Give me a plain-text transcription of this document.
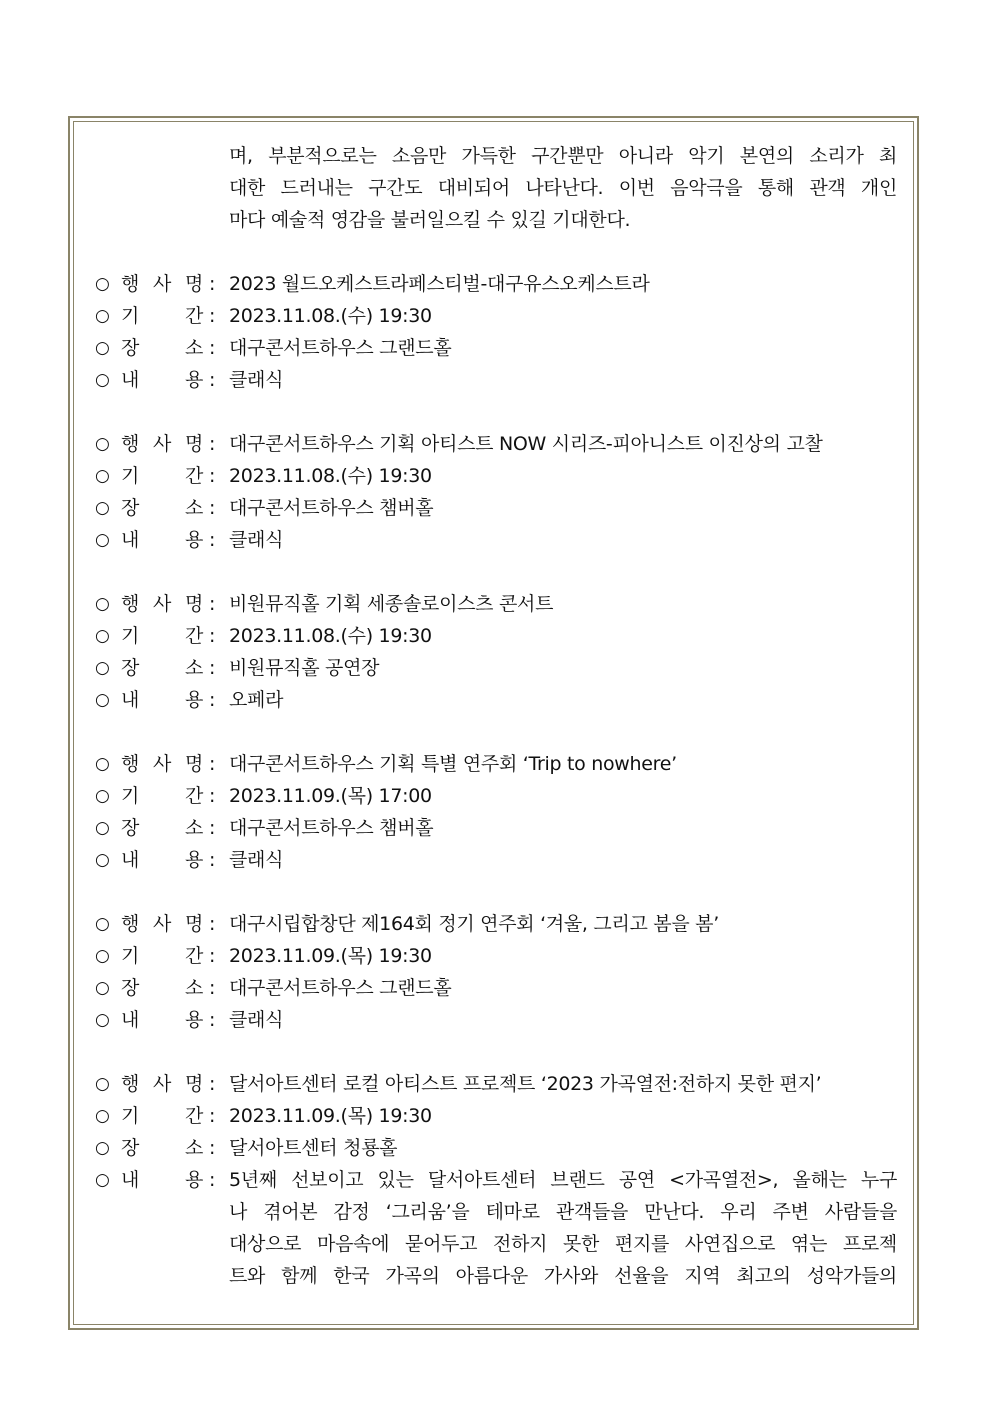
며, 부분적으로는 소음만 가득한 구간뿐만 아니라 악기 본연의 소리가 최
대한 드러내는 구간도 대비되어 나타난다. 이번 음악극을 통해 관객 개인
마다 예술적 영감을 불러일으킬 수 있길 기대한다.
○ 행 사 명 : 2023 월드오케스트라페스티벌-대구유스오케스트라
○ 기 간 : 2023.11.08.(수) 19:30
○ 장 소 : 대구콘서트하우스 그랜드홀
○ 내 용 : 클래식
○ 행 사 명 : 대구콘서트하우스 기획 아티스트 NOW 시리즈-피아니스트 이진상의 고찰
○ 기 간 : 2023.11.08.(수) 19:30
○ 장 소 : 대구콘서트하우스 챔버홀
○ 내 용 : 클래식
○ 행 사 명 : 비원뮤직홀 기획 세종솔로이스츠 콘서트
○ 기 간 : 2023.11.08.(수) 19:30
○ 장 소 : 비원뮤직홀 공연장
○ 내 용 : 오페라
○ 행 사 명 : 대구콘서트하우스 기획 특별 연주회 ‘Trip to nowhere’
○ 기 간 : 2023.11.09.(목) 17:00
○ 장 소 : 대구콘서트하우스 챔버홀
○ 내 용 : 클래식
○ 행 사 명 : 대구시립합창단 제164회 정기 연주회 ‘겨울, 그리고 봄을 봄’
○ 기 간 : 2023.11.09.(목) 19:30
○ 장 소 : 대구콘서트하우스 그랜드홀
○ 내 용 : 클래식
○ 행 사 명 : 달서아트센터 로컬 아티스트 프로젝트 ‘2023 가곡열전:전하지 못한 편지’
○ 기 간 : 2023.11.09.(목) 19:30
○ 장 소 : 달서아트센터 청룡홀
○ 내 용 : 5년째 선보이고 있는 달서아트센터 브랜드 공연 <가곡열전>, 올해는 누구
나 겪어본 감정 ‘그리움’을 테마로 관객들을 만난다. 우리 주변 사람들을
대상으로 마음속에 묻어두고 전하지 못한 편지를 사연집으로 엮는 프로젝
트와 함께 한국 가곡의 아름다운 가사와 선율을 지역 최고의 성악가들의
